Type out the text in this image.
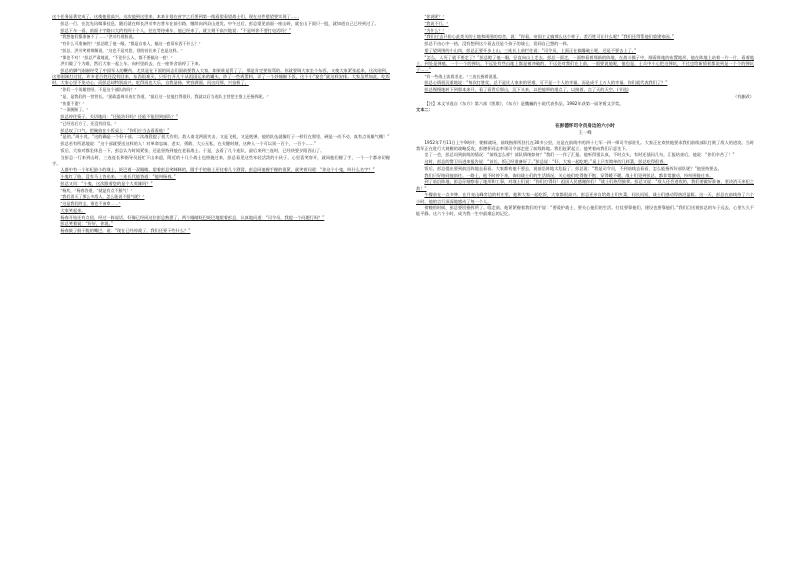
这个任务显著完成了。这使他很高兴。这次他到这里来，本来计划在省字之后要到第一线看望看望战士们，现在这件愿望要实现了……

彭总一行，在沈先讯喝事挂息，随后就在师长洪川率吉普车在前引路，继续向四县山进发。中午过后，彭总望见前面一座山岭，就在山下面只一股，就知道自己已经到过了。

彭总下车一看，前面十字路口大约有四十个人，往在等待乘车，他已经来了，就立刻不高兴地说：“不是叫你不要打电话吗？”

“我想他们都准备不了……”洪川红着脸说。

“有什么可准备的？”彭总瞪了他一眼，“都是自家人，搞这一套旧东西干什么？”

“彭总，洪川笑着辩解说，“这也不是对您，别的首长来了也是这样。”

“那也不对！”彭总严肃地说，“不论什么人，都不要搞这一套！”

洪川做了个为难，然后大家一起上车，向村里前去，在一座茶舍前停了下来。

彭总的脚气刚刚经受了中国军人的鞭伤，尤其是在下面的同志们面前要我入大家，如果谁是罚了了，那是肯定要挨骂的。你就要调大家坐个东西，又使大家紧张起来，这次刚到，这里刚刚打过仗，许多老百姓还没有回来，东西很难买，只好打开几个从祖国运来的罐头，炒了一些鸡蛋料，弄了一个炒辣椒下饭，这个小“宴会”就这样安排。大家虽然如此，吃饭时，大家心里不免动心，而彭总却特别高兴，吃得再也大乐，自我显扬，笑容满面，问这问那，兴奋极了。

“你们一个英雄营呀，不是这个部队的吗？”

“是，是我们的一营营长。”团政委周川连忙答道，“最后这一仗他打得很好，我就以后当连队主营把主推上还指挥呢。”

“伤重不重？”

“一条腿断了。”

彭总停住筷子，关切地问：“还能治好吗？还能不能回到部队？”

“已经送后方了，还没有回信。”

彭总叹了口气，把碗放在小饭桌上：“你们应当去看看他！”

“是的。”周小兆，“这的确是一个好干部，二次战役提了很大作用。敌人南北两面夹击，又是飞机，又是炮弹，他的队伍就像钉子一样钉在那里，硬是一动不动，真有点英雄气概！”

彭总若有所思地说：“这个部就要送这样的人！对革命忠诚、老实、勇敢、大公无私，在关键时刻，这种人一个可以顶一百个，一百个……”

饭后，大家对都坐休息一下，彭总认为时间紧张，还是坚持到他在老看战士。于是，去看了几个连队，最后来到三连时，已经快要夕阳西山了。

当彭总一行来到山时，三连连长和指导员赶忙下山来迎，附近的十几个战士也围拢过来，彭总看见这些年轻活泼的小伙子，心里喜笑容开，就同他们握了手，一个一个都亲切握手。

人群中有一个年纪最小的战士，眨巴着一双眼睛，望着彭总笑眯眯的，圆手手的脸上还挂着几个酒窝，彭总同他握手握的很紧，就笑着问道：“你这个小鬼，叫什么名字？”

小鬼红了脸，没有马上答出来。三连长代他答道：“他叫杨春。”

彭总又问：“小鬼，这次跟着您的是个大英雄吗？”

“杨兆，”杨春答道，“就是有点不服气！”

“我们消灭了那么多敌人，怎么能说不服气呢？”

“这是我们的宝，谁也不该拿……”

大家笑起来。

杨春开始还有点扭，经过一阵说话，好像已经同这位彭总熟悉了，两个眼睛眨巴眨巴地望着彭总，认真地问道：“司令员，我提一个问题行吗？”

彭总笑着说：“好好，你说。”

杨春鼓了鼓干脆的嘴巴，说：“现在已经停战了，我们还要干些什么？”

“你说呢？”

“我说不行。”

“为什么？”

“我们过去只担心此类关的土地和周围的房舍，说：“你看，帝国主义搞那么这个样子，差百姓可让什么呢？”我们还得帮他们重建家园。”

彭总不由心中一热，没有想到这个看去还是个孩子的战士，竟同自己想的一样。

望了望周围的小山岗，彭总正要开步上山，三连长上前拦住说：“司令员，上面正在搞爆破土呢，还是不要去上了。”

“怎么，人死了就不要走了？”彭总瞪了他一眼，径直向山上走去。彭总一面走，一面察看着那新的阵地，在战斗摸子中，细看阵地的布置地形，他在阵地上站着一片一片，看着地上，到处是弹痕，一个一个的弹坑，不远处有些山地上都是被冲破的，不远处对我们在上前，一面要说他呢，他也是，士兵中小心把这弹坑，不过也给新情景都说到是一个个的弹坑子……”

“有一些战士流着泪走。”三连长指着说道。

彭总心情很沉重地说：“每次打胜仗，总不是比人家来的更难，可不是一个人的幸福，而是成千上万人的幸福，你们就代表我们了？”

彭总慢慢地转下到那本来开，看了看背后那山，沉下头来，以把他带的烟点了，以接着，点了天的天空。(节选)

（有删改）

【注】本文节选自《东方》第六部《凯歌》，《东方》是魏巍的小说代表作品，1982年获第一届茅盾文学奖。

文本二：

在彭德怀司令员身边的六小时

王一峰

1952年7月11日上午9时许，朝鲜战场，前线指挥所驻扎在30多公里，这是在前线中的四十七军一四一师司令部驻扎。大家正在欢快地要求我们前线部队打败了敌人的进攻。当时我军正在进行大规模的战略反攻，彭德怀同志率领司令部走进了前线阵地。我们赶紧起立，他笑着向我们示意坐下。

坐了一会，彭总问到前线的情况：“前线怎么样？部队情绪如何？”我们一一作了汇报。他听得很认真，不时点头，有时还插问几句。汇报结束后，他说：“你们辛苦了！”

这时，彭总的警卫员进来报告说：“首长，饭已经准备好了。”彭总说：“好，大家一起吃吧。”桌上只有简单的几样菜，彭总吃得很香。

饭后，彭总提出要到前沿阵地去看看。大家都劝他不要去，说前沿阵地太危险了。彭总说：“我是司令员，不到前线去看看，怎么能指挥好部队呢？”他坚持要去。

我们只好陪同他前往。一路上，他不时停下来，询问战士们的生活情况，关心他们吃得饱不饱、穿得暖不暖。战士们见到彭总，都非常激动，纷纷围拢过来。

到了前沿阵地，彭总仔细察看了地形和工事，对战士们说：“你们打得好！祖国人民感谢你们！”战士们热烈鼓掌。彭总又说：“敌人还会进攻的，我们要做好准备，坚决消灭来犯之敌！”

午餐前在一点多钟，在月亮山峰旁边的村庄里，他和大家一起吃饭，大家都很高兴。彭总还亲自给战士们夹菜，问长问短，战士们感动得热泪盈眶。这一天，彭总在前线待了六个小时，他的言行深深地感动了每一个人。

傍晚的时候，彭总要回指挥所了。临走前，他紧紧握着我们的手说：“要爱护战士，要关心他们的生活。打仗要靠他们，建设也要靠他们。”我们目送着彭总的车子远去，心里久久不能平静。这六个小时，成为我一生中最难忘的记忆。
